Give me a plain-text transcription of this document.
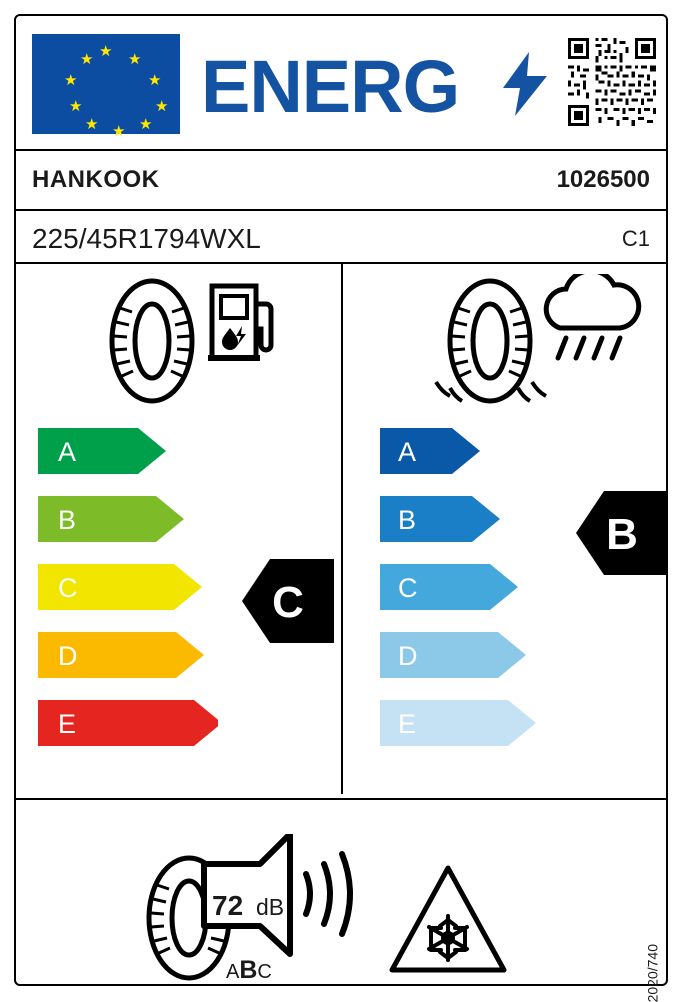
★ ★
★
★
★
★
★
★
★
★ ENERG
HANKOOK	1026500
225/45R1794WXL	C1
A
B
C
D
E
C
A
B
C
D
E
B
72 dB
ABC	2020/740
